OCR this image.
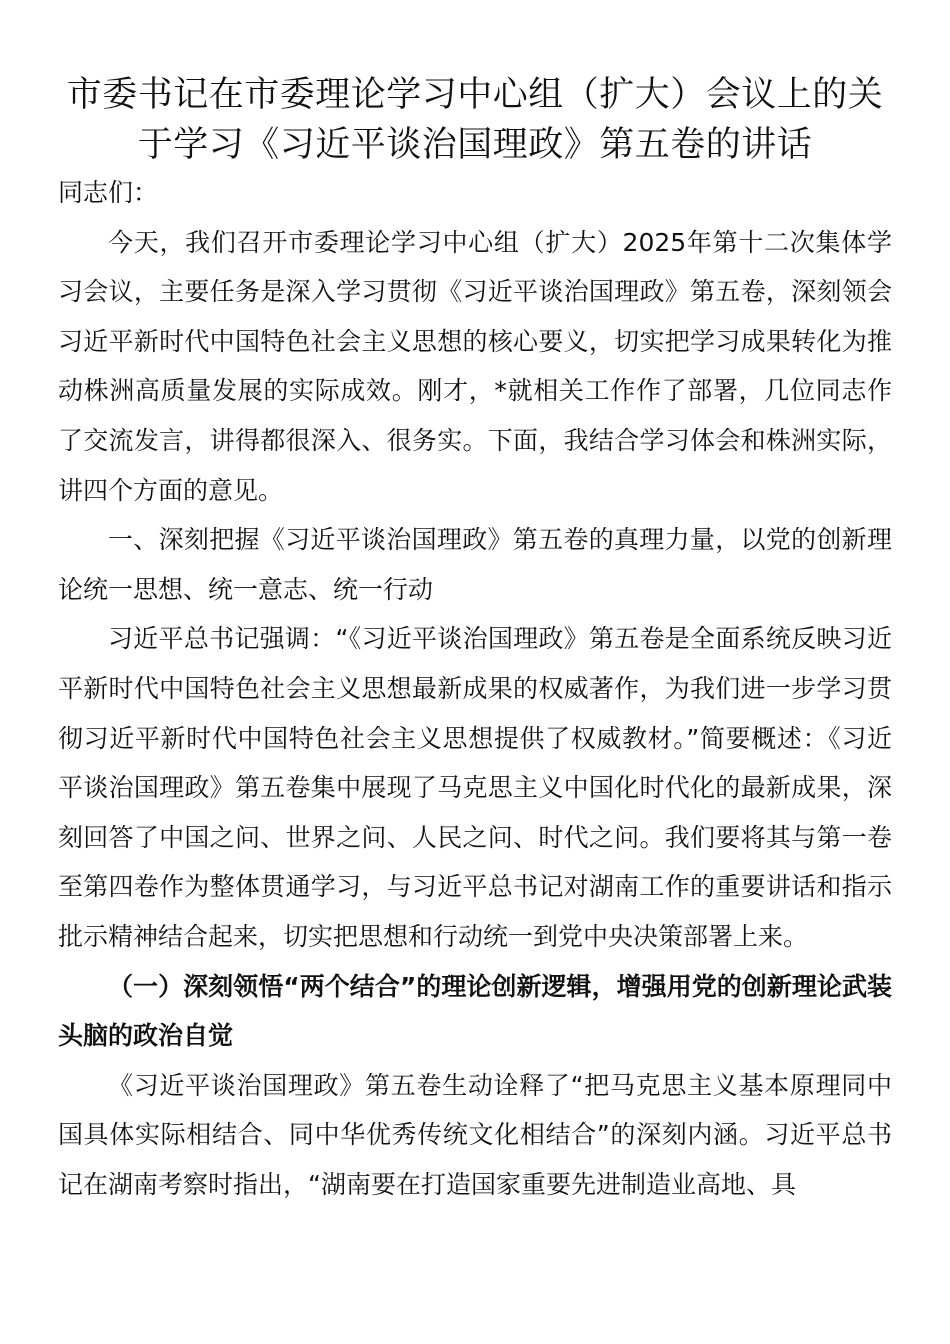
市委书记在市委理论学习中心组（扩大）会议上的关于学习《习近平谈治国理政》第五卷的讲话

同志们：

今天，我们召开市委理论学习中心组（扩大）2025年第十二次集体学习会议，主要任务是深入学习贯彻《习近平谈治国理政》第五卷，深刻领会习近平新时代中国特色社会主义思想的核心要义，切实把学习成果转化为推动株洲高质量发展的实际成效。刚才，*就相关工作作了部署，几位同志作了交流发言，讲得都很深入、很务实。下面，我结合学习体会和株洲实际，讲四个方面的意见。

一、深刻把握《习近平谈治国理政》第五卷的真理力量，以党的创新理论统一思想、统一意志、统一行动

习近平总书记强调：“《习近平谈治国理政》第五卷是全面系统反映习近平新时代中国特色社会主义思想最新成果的权威著作，为我们进一步学习贯彻习近平新时代中国特色社会主义思想提供了权威教材。”简要概述：《习近平谈治国理政》第五卷集中展现了马克思主义中国化时代化的最新成果，深刻回答了中国之问、世界之问、人民之问、时代之问。我们要将其与第一卷至第四卷作为整体贯通学习，与习近平总书记对湖南工作的重要讲话和指示批示精神结合起来，切实把思想和行动统一到党中央决策部署上来。

（一）深刻领悟“两个结合”的理论创新逻辑，增强用党的创新理论武装头脑的政治自觉

《习近平谈治国理政》第五卷生动诠释了“把马克思主义基本原理同中国具体实际相结合、同中华优秀传统文化相结合”的深刻内涵。习近平总书记在湖南考察时指出，“湖南要在打造国家重要先进制造业高地、具
